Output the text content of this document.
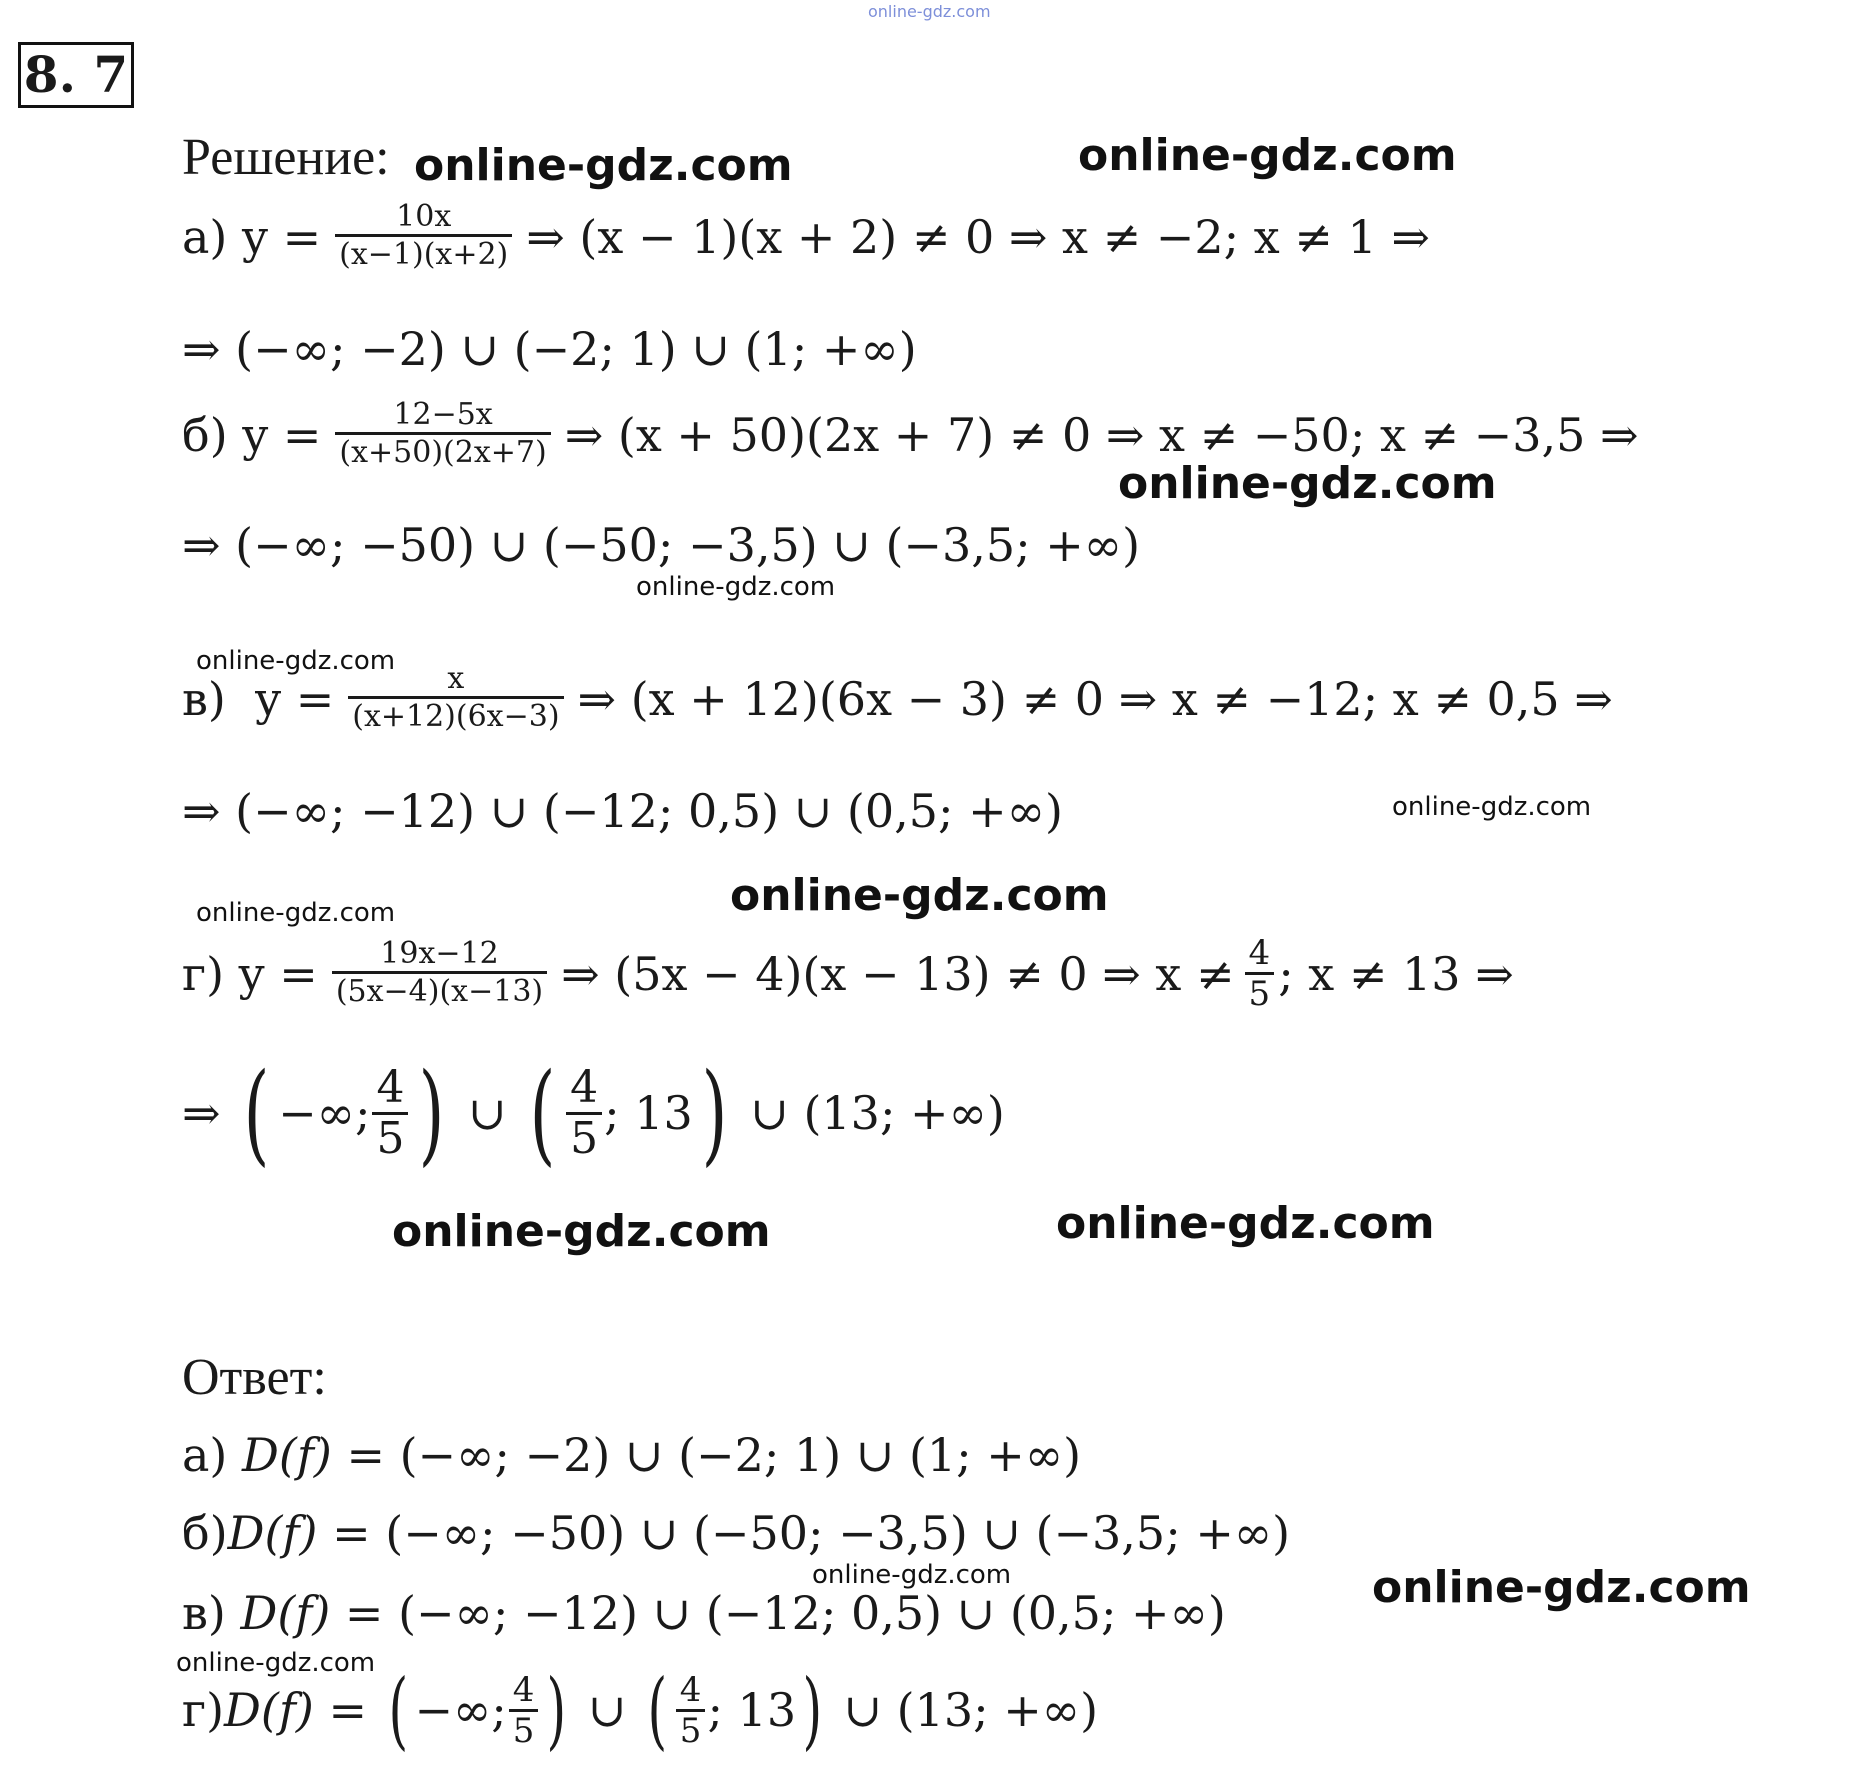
8. 7
online-gdz.com
Решение:
а)
$y = \frac{10x}{(x-1)(x+2)}$ ⇒ (x − 1)(x + 2) ≠ 0 ⇒ x ≠ −2; x ≠ 1 ⇒
⇒ (−∞; −2) ∪ (−2; 1) ∪ (1; +∞)
б)
$y = \frac{12-5x}{(x+50)(2x+7)}$ ⇒ (x + 50)(2x + 7) ≠ 0 ⇒ x ≠ −50; x ≠ −3,5 ⇒
⇒ (−∞; −50) ∪ (−50; −3,5) ∪ (−3,5; +∞)
в)
$y = \frac{x}{(x+12)(6x-3)}$ ⇒ (x + 12)(6x − 3) ≠ 0 ⇒ x ≠ −12; x ≠ 0,5 ⇒
⇒ (−∞; −12) ∪ (−12; 0,5) ∪ (0,5; +∞)
г)
$y = \frac{19x-12}{(5x-4)(x-13)}$ ⇒ (5x − 4)(x − 13) ≠ 0 ⇒ $x \ne \frac{4}{5}$ ; x ≠ 13 ⇒
⇒
( −∞; $\frac{4}{5}$ )
∪
( $\frac{4}{5}$ ; 13 )
∪ (13; +∞)
Ответ:
а)
D(f)
= (−∞; −2) ∪ (−2; 1) ∪ (1; +∞)
б) D(f)
= (−∞; −50) ∪ (−50; −3,5) ∪ (−3,5; +∞)
в)
D(f)
= (−∞; −12) ∪ (−12; 0,5) ∪ (0,5; +∞)
г) D(f)
=
( −∞; $\frac{4}{5}$ )
∪
( $\frac{4}{5}$ ; 13 )
∪ (13; +∞)
online-gdz.com	online-gdz.com
online-gdz.com
online-gdz.com
online-gdz.com
online-gdz.com
online-gdz.com
online-gdz.com
online-gdz.com	online-gdz.com
online-gdz.com	online-gdz.com
online-gdz.com
